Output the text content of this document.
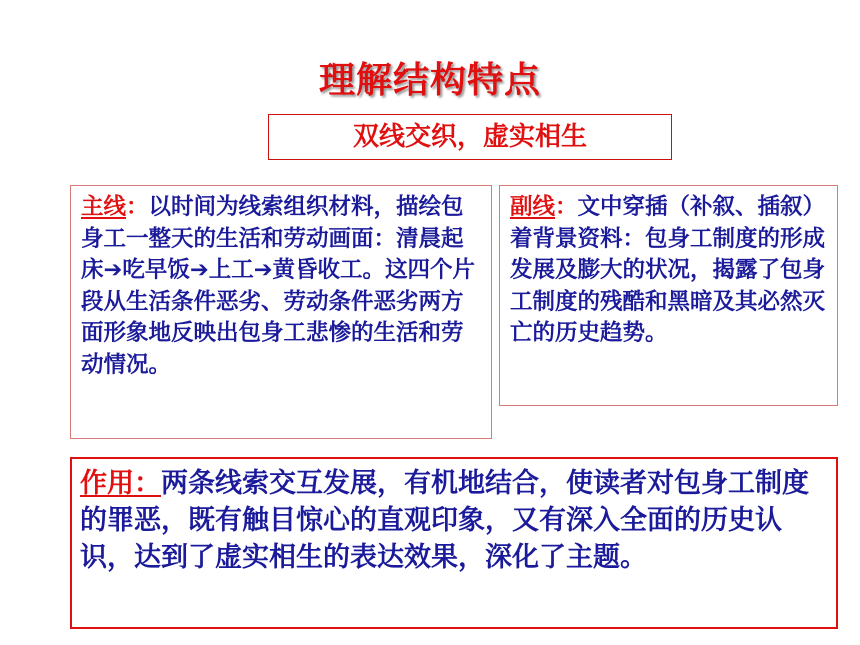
理解结构特点
双线交织，虚实相生
主线：以时间为线索组织材料，描绘包身工一整天的生活和劳动画面：清晨起床➔吃早饭➔上工➔黄昏收工。这四个片段从生活条件恶劣、劳动条件恶劣两方面形象地反映出包身工悲惨的生活和劳动情况。
副线：文中穿插（补叙、插叙）着背景资料：包身工制度的形成发展及膨大的状况，揭露了包身工制度的残酷和黑暗及其必然灭亡的历史趋势。
作用：两条线索交互发展，有机地结合，使读者对包身工制度的罪恶，既有触目惊心的直观印象，又有深入全面的历史认识，达到了虚实相生的表达效果，深化了主题。
